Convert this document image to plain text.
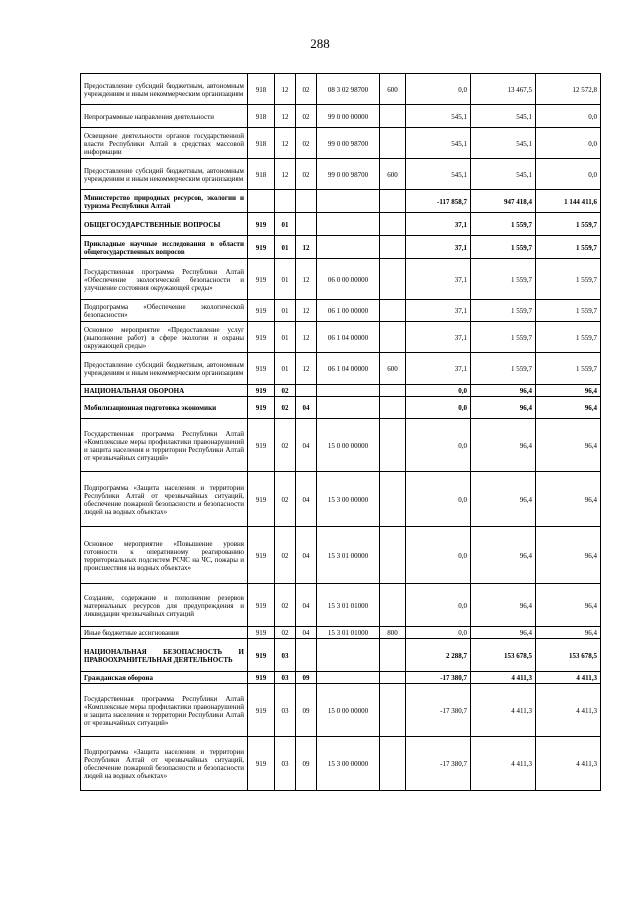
288
Предоставление субсидий бюджетным, автономным учреждениям и иным некоммерческим организациям	918	12	02	08 3 02 98700	600	0,0	13 467,5	12 572,8
Непрограммные направления деятельности	918	12	02	99 0 00 00000		545,1	545,1	0,0
Освещение деятельности органов государственной власти Республики Алтай в средствах массовой информации	918	12	02	99 0 00 98700		545,1	545,1	0,0
Предоставление субсидий бюджетным, автономным учреждениям и иным некоммерческим организациям	918	12	02	99 0 00 98700	600	545,1	545,1	0,0
Министерство природных ресурсов, экологии и туризма Республики Алтай						-117 858,7	947 418,4	1 144 411,6
ОБЩЕГОСУДАРСТВЕННЫЕ ВОПРОСЫ	919	01				37,1	1 559,7	1 559,7
Прикладные научные исследования в области общегосударственных вопросов	919	01	12			37,1	1 559,7	1 559,7
Государственная программа Республики Алтай «Обеспечение экологической безопасности и улучшение состояния окружающей среды»	919	01	12	06 0 00 00000		37,1	1 559,7	1 559,7
Подпрограмма «Обеспечение экологической безопасности»	919	01	12	06 1 00 00000		37,1	1 559,7	1 559,7
Основное мероприятие «Предоставление услуг (выполнение работ) в сфере экологии и охраны окружающей среды»	919	01	12	06 1 04 00000		37,1	1 559,7	1 559,7
Предоставление субсидий бюджетным, автономным учреждениям и иным некоммерческим организациям	919	01	12	06 1 04 00000	600	37,1	1 559,7	1 559,7
НАЦИОНАЛЬНАЯ ОБОРОНА	919	02				0,0	96,4	96,4
Мобилизационная подготовка экономики	919	02	04			0,0	96,4	96,4
Государственная программа Республики Алтай «Комплексные меры профилактики правонарушений и защита населения и территории Республики Алтай от чрезвычайных ситуаций»	919	02	04	15 0 00 00000		0,0	96,4	96,4
Подпрограмма «Защита населения и территории Республики Алтай от чрезвычайных ситуаций, обеспечение пожарной безопасности и безопасности людей на водных объектах»	919	02	04	15 3 00 00000		0,0	96,4	96,4
Основное мероприятие «Повышение уровня готовности к оперативному реагированию территориальных подсистем РСЧС на ЧС, пожары и происшествия на водных объектах»	919	02	04	15 3 01 00000		0,0	96,4	96,4
Создание, содержание и пополнение резервов материальных ресурсов для предупреждения и ликвидации чрезвычайных ситуаций	919	02	04	15 3 01 01000		0,0	96,4	96,4
Иные бюджетные ассигнования	919	02	04	15 3 01 01000	800	0,0	96,4	96,4
НАЦИОНАЛЬНАЯ БЕЗОПАСНОСТЬ И ПРАВООХРАНИТЕЛЬНАЯ ДЕЯТЕЛЬНОСТЬ	919	03				2 288,7	153 678,5	153 678,5
Гражданская оборона	919	03	09			-17 380,7	4 411,3	4 411,3
Государственная программа Республики Алтай «Комплексные меры профилактики правонарушений и защита населения и территории Республики Алтай от чрезвычайных ситуаций»	919	03	09	15 0 00 00000		-17 380,7	4 411,3	4 411,3
Подпрограмма «Защита населения и территории Республики Алтай от чрезвычайных ситуаций, обеспечение пожарной безопасности и безопасности людей на водных объектах»	919	03	09	15 3 00 00000		-17 380,7	4 411,3	4 411,3
